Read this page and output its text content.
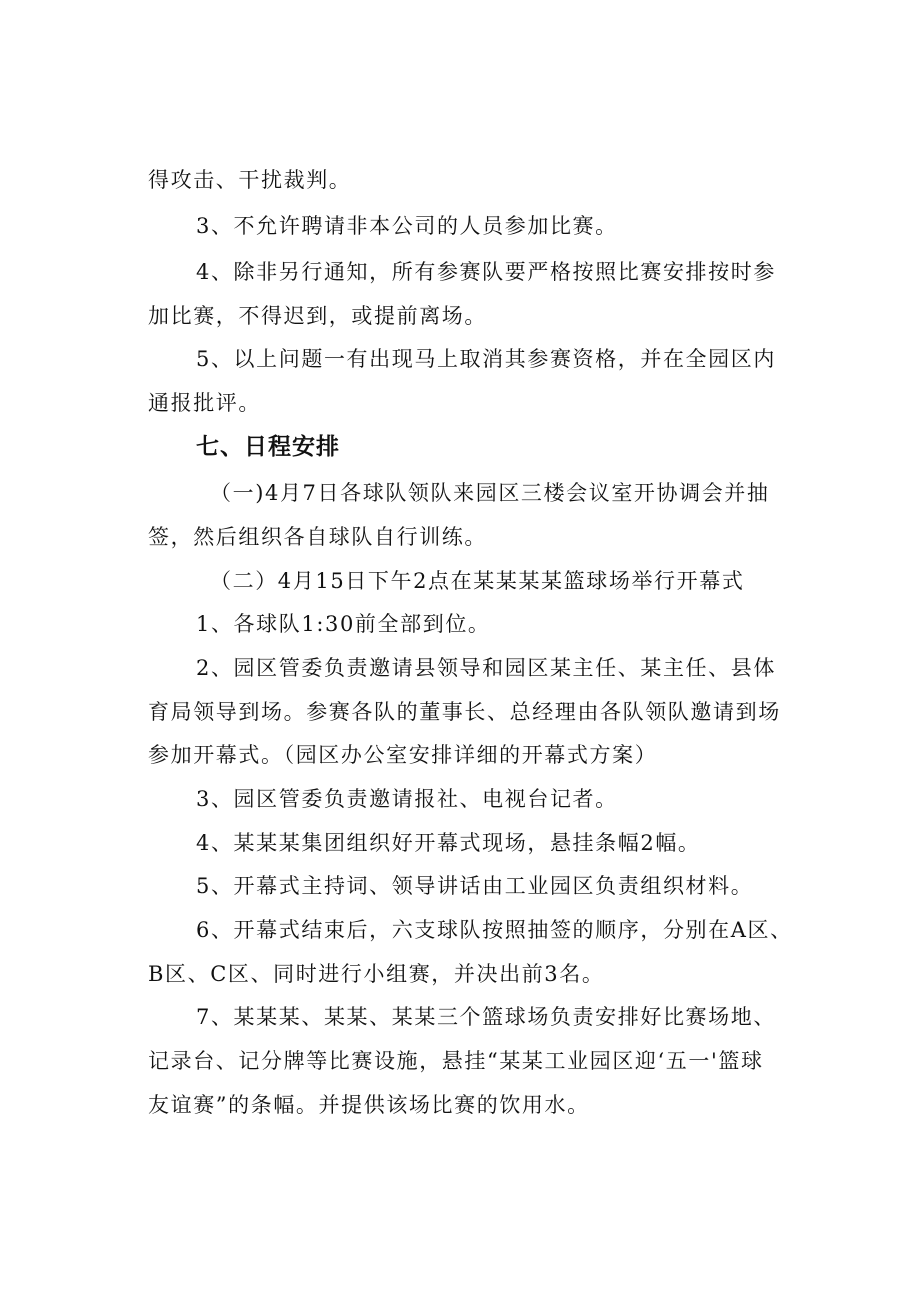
得攻击、干扰裁判。
3、不允许聘请非本公司的人员参加比赛。
4、除非另行通知，所有参赛队要严格按照比赛安排按时参
加比赛，不得迟到，或提前离场。
5、以上问题一有出现马上取消其参赛资格，并在全园区内
通报批评。
七、日程安排
（一)4月7日各球队领队来园区三楼会议室开协调会并抽
签，然后组织各自球队自行训练。
（二）4月15日下午2点在某某某某篮球场举行开幕式
1、各球队1:30前全部到位。
2、园区管委负责邀请县领导和园区某主任、某主任、县体
育局领导到场。参赛各队的董事长、总经理由各队领队邀请到场
参加开幕式。（园区办公室安排详细的开幕式方案）
3、园区管委负责邀请报社、电视台记者。
4、某某某集团组织好开幕式现场，悬挂条幅2幅。
5、开幕式主持词、领导讲话由工业园区负责组织材料。
6、开幕式结束后，六支球队按照抽签的顺序，分别在A区、
B区、C区、同时进行小组赛，并决出前3名。
7、某某某、某某、某某三个篮球场负责安排好比赛场地、
记录台、记分牌等比赛设施，悬挂“某某工业园区迎‘五一'篮球
友谊赛”的条幅。并提供该场比赛的饮用水。
